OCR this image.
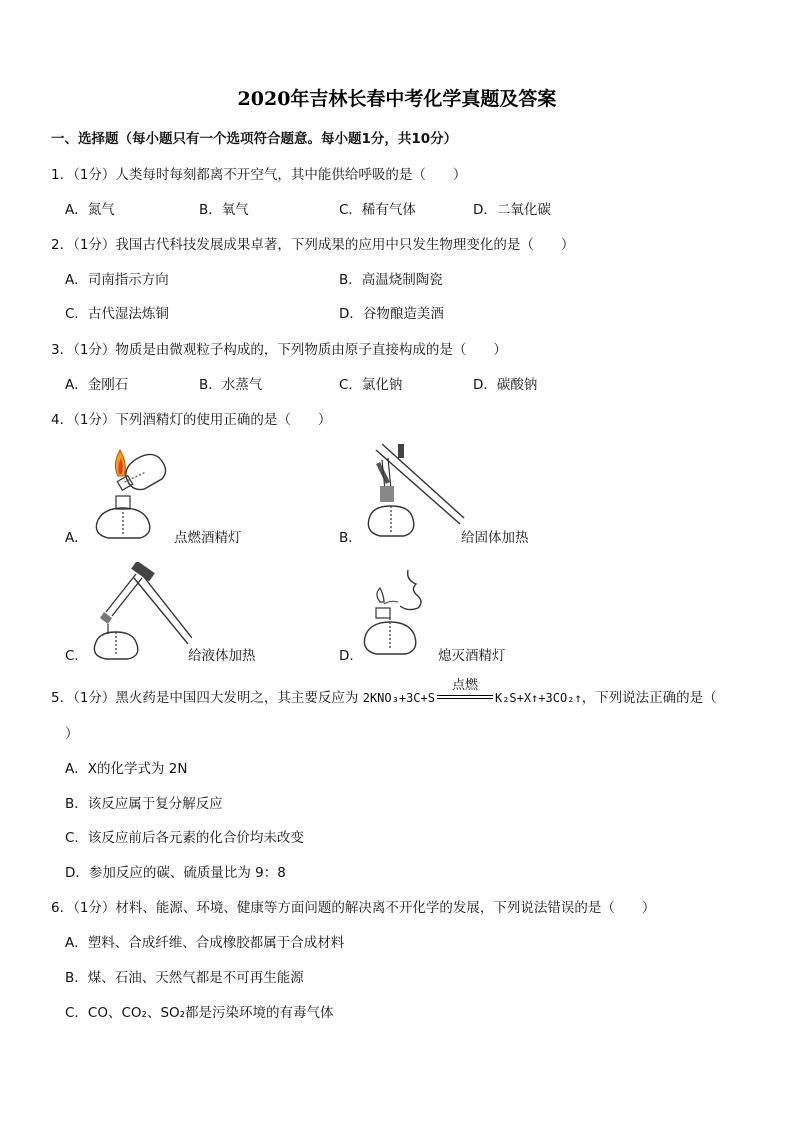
2020年吉林长春中考化学真题及答案
一、选择题（每小题只有一个选项符合题意。每小题1分，共10分）
1．（1分）人类每时每刻都离不开空气，其中能供给呼吸的是（　　）
A．氮气	B．氧气	C．稀有气体	D．二氧化碳
2．（1分）我国古代科技发展成果卓著，下列成果的应用中只发生物理变化的是（　　）
A．司南指示方向	B．高温烧制陶瓷
C．古代湿法炼铜	D．谷物酿造美酒
3．（1分）物质是由微观粒子构成的，下列物质由原子直接构成的是（　　）
A．金刚石	B．水蒸气	C．氯化钠	D．碳酸钠
4．（1分）下列酒精灯的使用正确的是（　　）
A．	点燃酒精灯	B．	给固体加热
C．	给液体加热	D．	熄灭酒精灯
5．（1分）黑火药是中国四大发明之，其主要反应为 2KNO₃+3C+S
点燃
K₂S+X↑+3CO₂↑，下列说法正确的是（
）
A．X的化学式为 2N
B．该反应属于复分解反应
C．该反应前后各元素的化合价均未改变
D．参加反应的碳、硫质量比为 9：8
6．（1分）材料、能源、环境、健康等方面问题的解决离不开化学的发展，下列说法错误的是（　　）
A．塑料、合成纤维、合成橡胶都属于合成材料
B．煤、石油、天然气都是不可再生能源
C．CO、CO₂、SO₂都是污染环境的有毒气体
